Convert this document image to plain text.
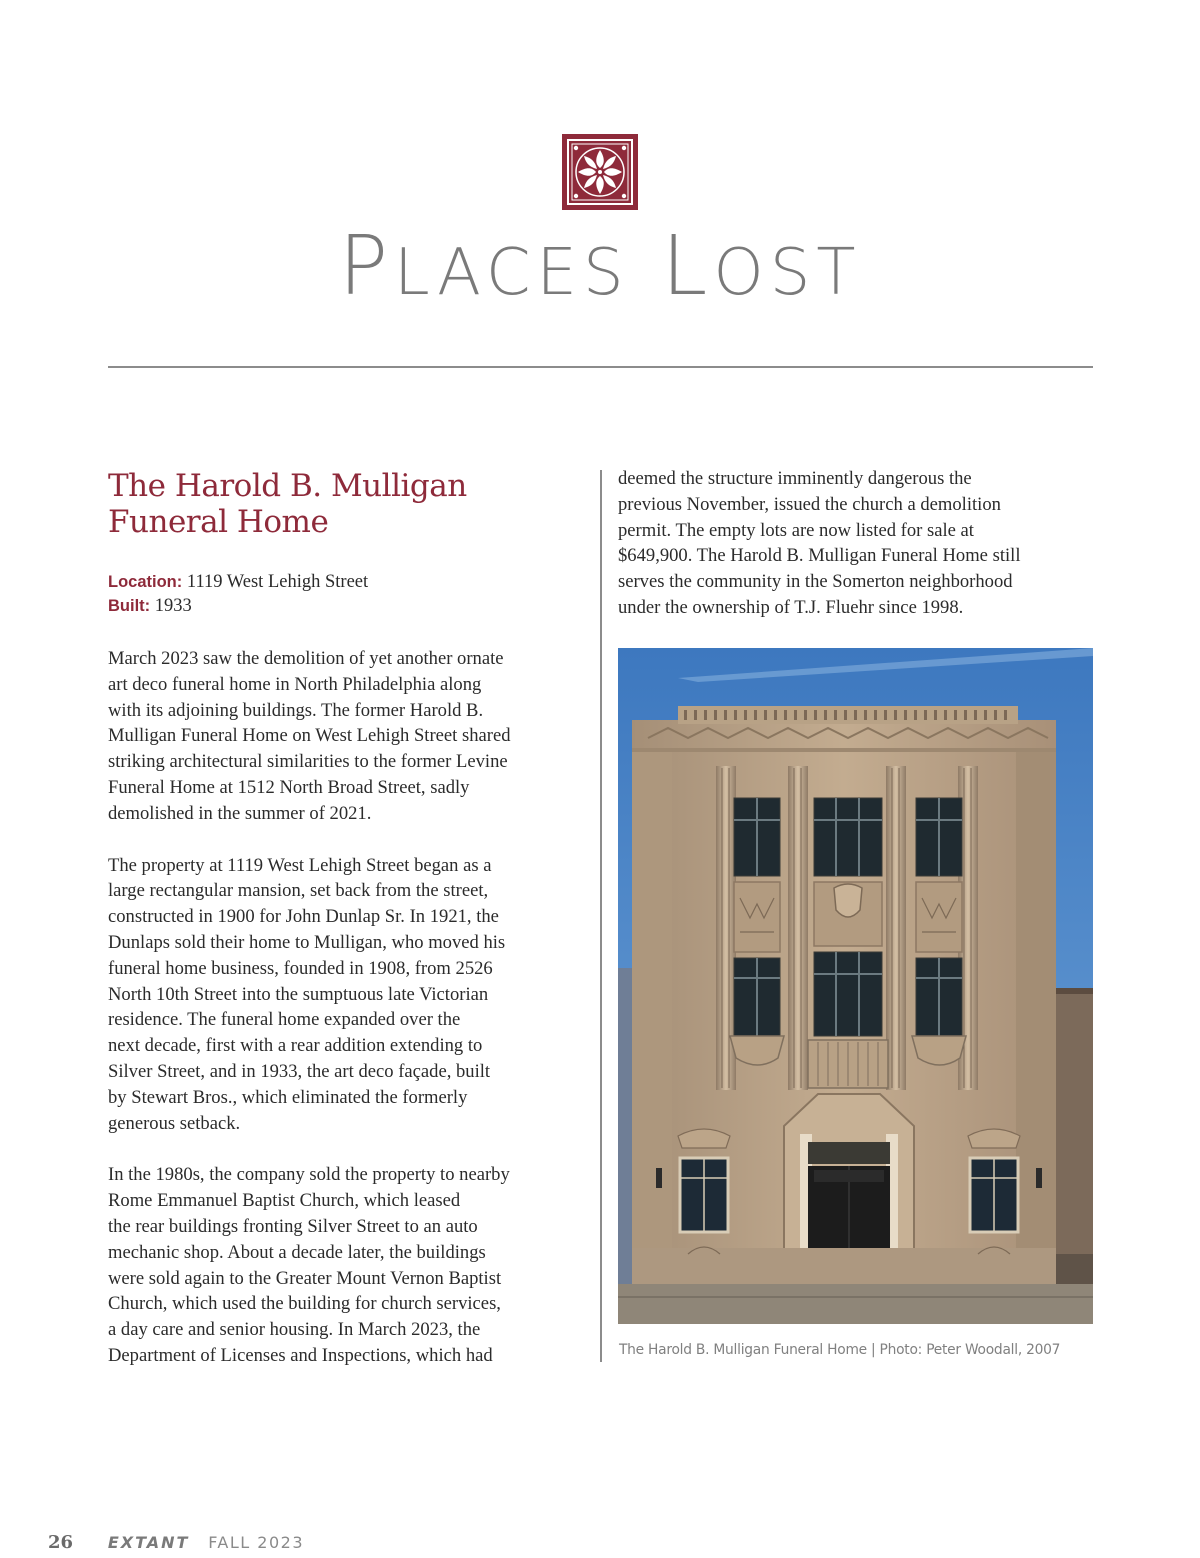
PLACES LOST
The Harold B. Mulligan Funeral Home
Location: 1119 West Lehigh Street
Built: 1933

March 2023 saw the demolition of yet another ornate
art deco funeral home in North Philadelphia along
with its adjoining buildings. The former Harold B.
Mulligan Funeral Home on West Lehigh Street shared
striking architectural similarities to the former Levine
Funeral Home at 1512 North Broad Street, sadly
demolished in the summer of 2021.

The property at 1119 West Lehigh Street began as a
large rectangular mansion, set back from the street,
constructed in 1900 for John Dunlap Sr. In 1921, the
Dunlaps sold their home to Mulligan, who moved his
funeral home business, founded in 1908, from 2526
North 10th Street into the sumptuous late Victorian
residence. The funeral home expanded over the
next decade, first with a rear addition extending to
Silver Street, and in 1933, the art deco façade, built
by Stewart Bros., which eliminated the formerly
generous setback.

In the 1980s, the company sold the property to nearby
Rome Emmanuel Baptist Church, which leased
the rear buildings fronting Silver Street to an auto
mechanic shop. About a decade later, the buildings
were sold again to the Greater Mount Vernon Baptist
Church, which used the building for church services,
a day care and senior housing. In March 2023, the
Department of Licenses and Inspections, which had

deemed the structure imminently dangerous the
previous November, issued the church a demolition
permit. The empty lots are now listed for sale at
$649,900. The Harold B. Mulligan Funeral Home still
serves the community in the Somerton neighborhood
under the ownership of T.J. Fluehr since 1998.

The Harold B. Mulligan Funeral Home | Photo: Peter Woodall, 2007
26 EXTANT FALL 2023
